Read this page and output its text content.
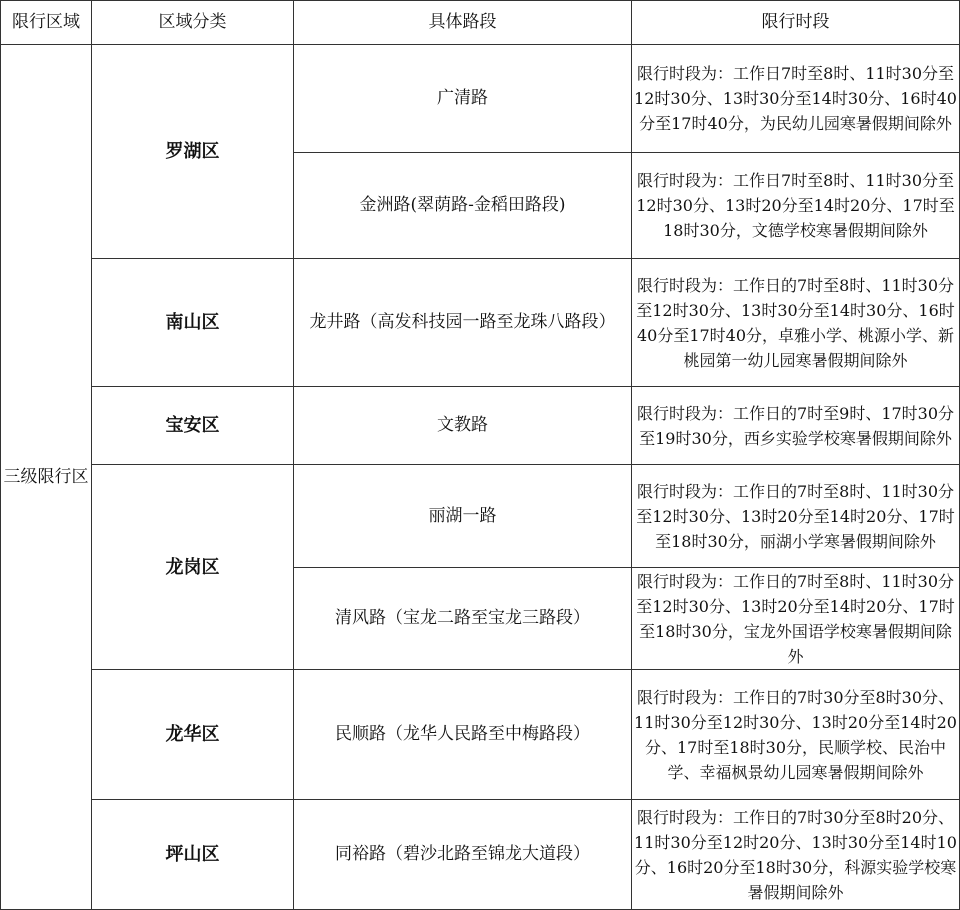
限行区域	区域分类	具体路段	限行时段
三级限行区	罗湖区	广清路	限行时段为：工作日7时至8时、11时30分至12时30分、13时30分至14时30分、16时40分至17时40分，为民幼儿园寒暑假期间除外
		金洲路(翠荫路-金稻田路段)	限行时段为：工作日7时至8时、11时30分至12时30分、13时20分至14时20分、17时至18时30分，文德学校寒暑假期间除外
	南山区	龙井路（高发科技园一路至龙珠八路段）	限行时段为：工作日的7时至8时、11时30分至12时30分、13时30分至14时30分、16时40分至17时40分，卓雅小学、桃源小学、新桃园第一幼儿园寒暑假期间除外
	宝安区	文教路	限行时段为：工作日的7时至9时、17时30分至19时30分，西乡实验学校寒暑假期间除外
	龙岗区	丽湖一路	限行时段为：工作日的7时至8时、11时30分至12时30分、13时20分至14时20分、17时至18时30分，丽湖小学寒暑假期间除外
		清风路（宝龙二路至宝龙三路段）	限行时段为：工作日的7时至8时、11时30分至12时30分、13时20分至14时20分、17时至18时30分，宝龙外国语学校寒暑假期间除外
	龙华区	民顺路（龙华人民路至中梅路段）	限行时段为：工作日的7时30分至8时30分、11时30分至12时30分、13时20分至14时20分、17时至18时30分，民顺学校、民治中学、幸福枫景幼儿园寒暑假期间除外
	坪山区	同裕路（碧沙北路至锦龙大道段）	限行时段为：工作日的7时30分至8时20分、11时30分至12时20分、13时30分至14时10分、16时20分至18时30分，科源实验学校寒暑假期间除外
